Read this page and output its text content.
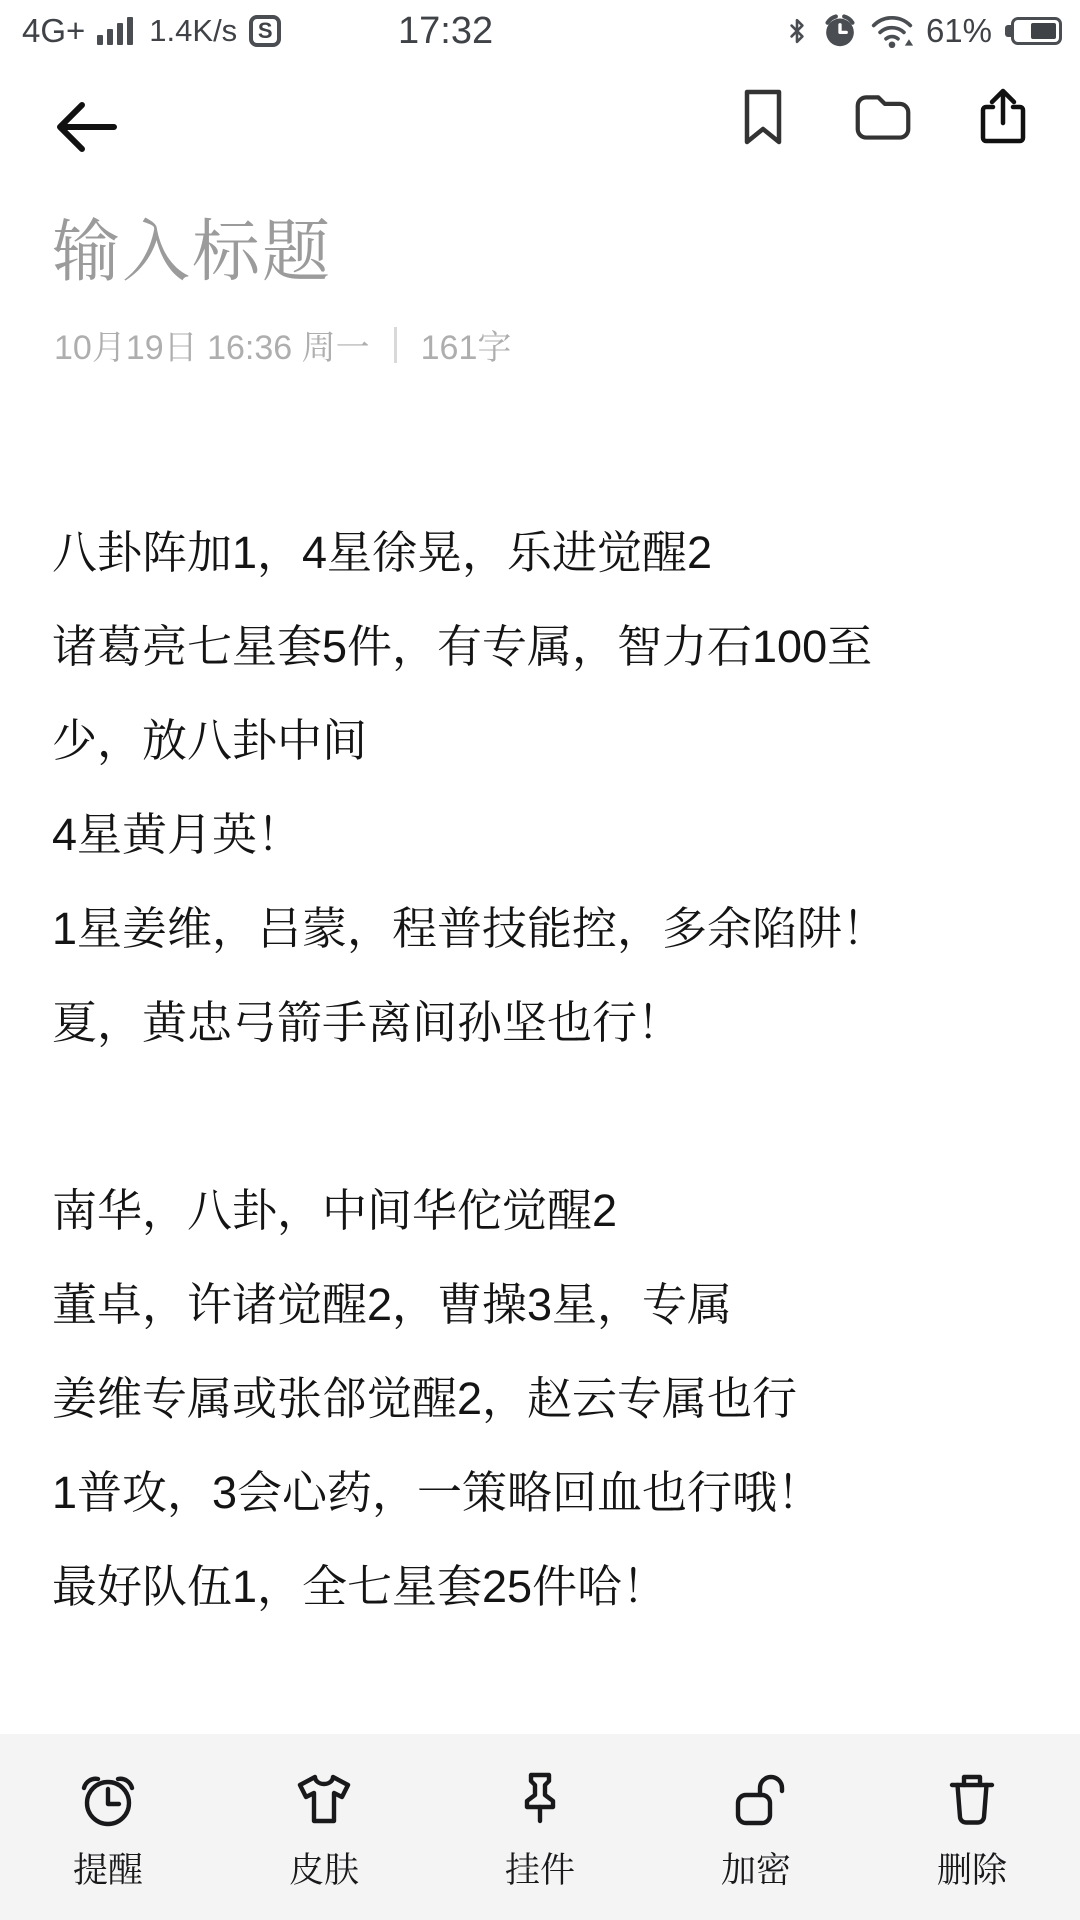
4G+ 1.4K/s S	17:32	61%
输入标题
10月19日 16:36 周一 161字

八卦阵加1，4星徐晃，乐进觉醒2

诸葛亮七星套5件，有专属，智力石100至

少，放八卦中间

4星黄月英！

1星姜维，吕蒙，程普技能控，多余陷阱！

夏，黄忠弓箭手离间孙坚也行！

南华，八卦，中间华佗觉醒2

董卓，许诸觉醒2，曹操3星，专属

姜维专属或张郃觉醒2，赵云专属也行

1普攻，3会心药，一策略回血也行哦！

最好队伍1，全七星套25件哈！

提醒	皮肤	挂件	加密	删除
